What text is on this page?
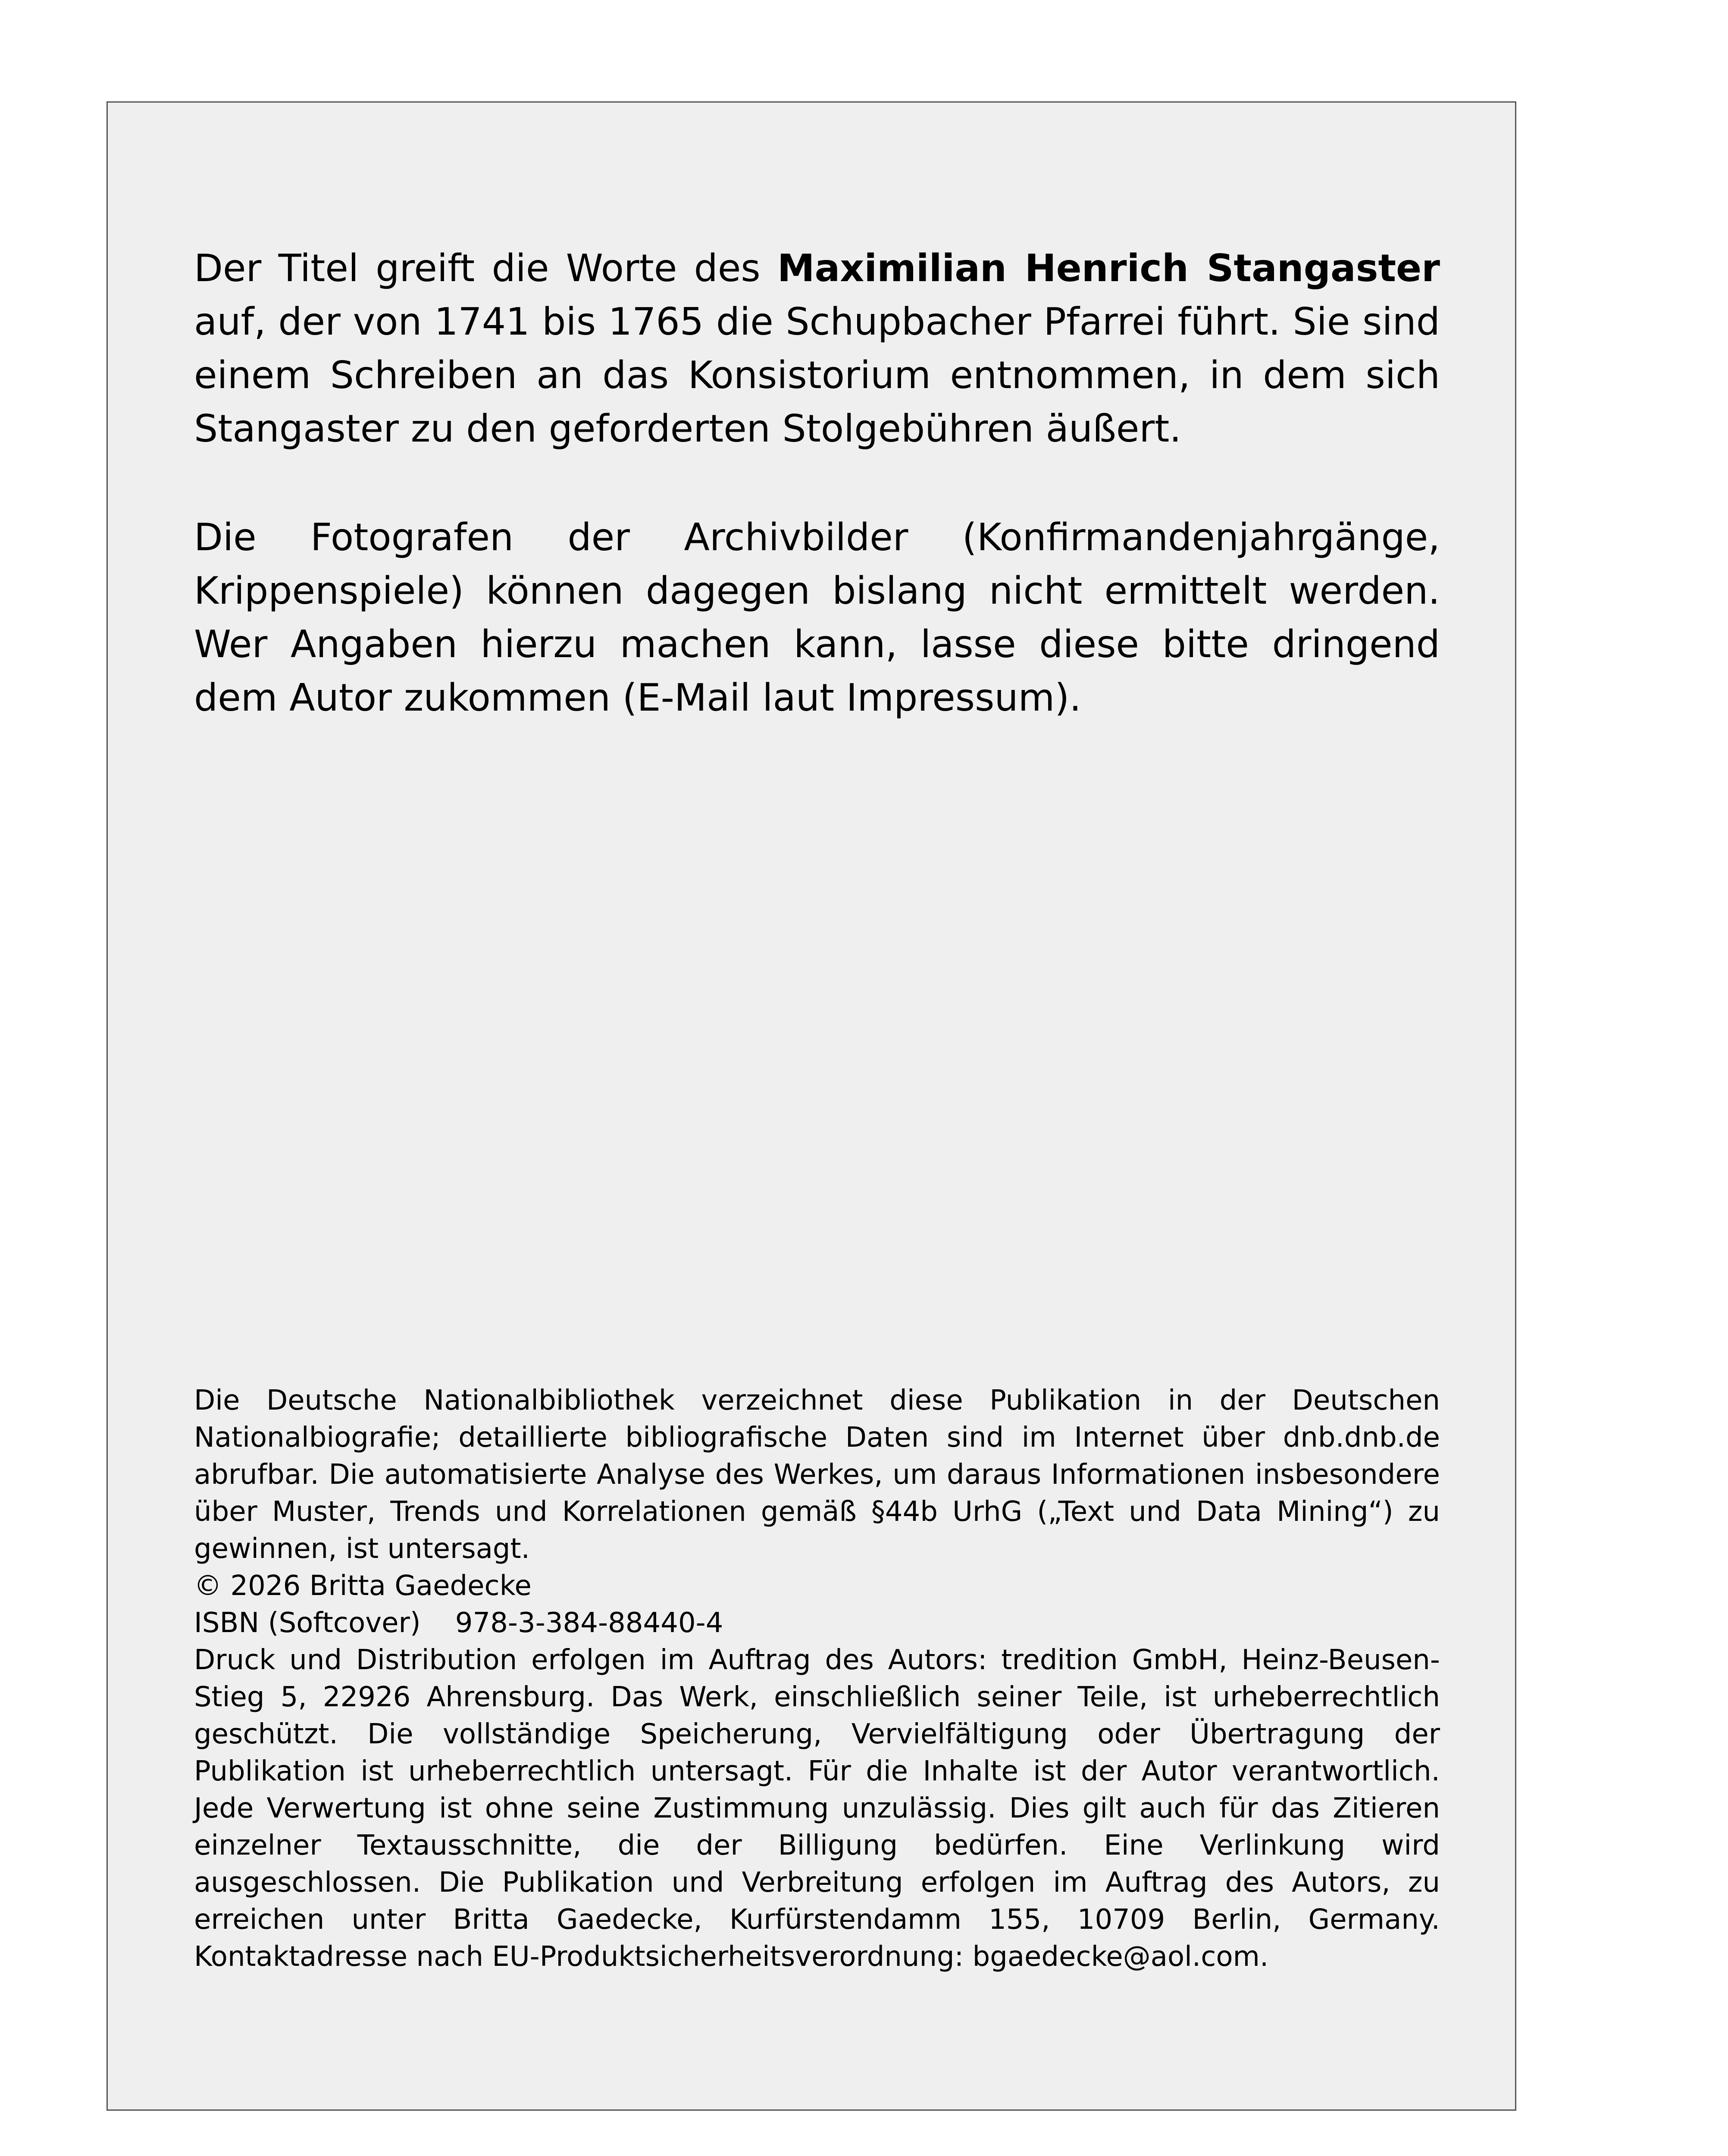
Der Titel greift die Worte des Maximilian Henrich Stangaster auf, der von 1741 bis 1765 die Schupbacher Pfarrei führt. Sie sind einem Schreiben an das Konsistorium entnommen, in dem sich Stangaster zu den geforderten Stolgebühren äußert.

Die Fotografen der Archivbilder (Konfirmandenjahrgänge, Krippenspiele) können dagegen bislang nicht ermittelt werden. Wer Angaben hierzu machen kann, lasse diese bitte dringend dem Autor zukommen (E-Mail laut Impressum).

Die Deutsche Nationalbibliothek verzeichnet diese Publikation in der Deutschen Nationalbiografie; detaillierte bibliografische Daten sind im Internet über dnb.dnb.de abrufbar. Die automatisierte Analyse des Werkes, um daraus Informationen insbesondere über Muster, Trends und Korrelationen gemäß §44b UrhG („Text und Data Mining“) zu gewinnen, ist untersagt.

© 2026 Britta Gaedecke

ISBN (Softcover) 978-3-384-88440-4

Druck und Distribution erfolgen im Auftrag des Autors: tredition GmbH, Heinz-Beusen-Stieg 5, 22926 Ahrensburg. Das Werk, einschließlich seiner Teile, ist urheberrechtlich geschützt. Die vollständige Speicherung, Vervielfältigung oder Übertragung der Publikation ist urheberrechtlich untersagt. Für die Inhalte ist der Autor verantwortlich. Jede Verwertung ist ohne seine Zustimmung unzulässig. Dies gilt auch für das Zitieren einzelner Textausschnitte, die der Billigung bedürfen. Eine Verlinkung wird ausgeschlossen. Die Publikation und Verbreitung erfolgen im Auftrag des Autors, zu erreichen unter Britta Gaedecke, Kurfürstendamm 155, 10709 Berlin, Germany. Kontaktadresse nach EU-Produktsicherheitsverordnung: bgaedecke@aol.com.
